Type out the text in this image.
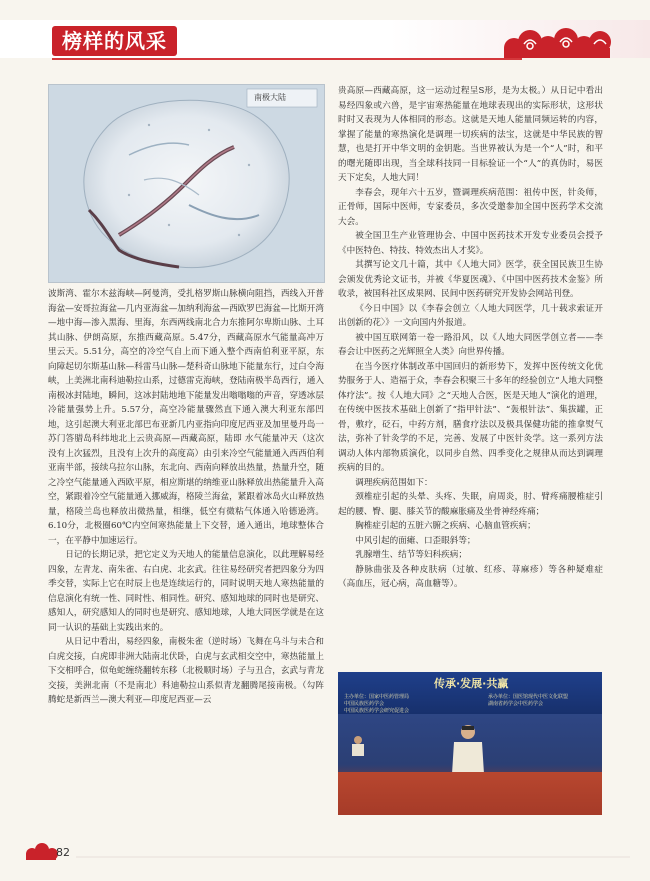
榜样的风采
南极大陆

波斯湾、霍尔木兹海峡—阿曼湾，受扎格罗斯山脉横向阻挡，西线入开普海盆—安哥拉海盆—几内亚海盆—加纳利海盆—西欧罗巴海盆—比斯开湾—地中海—渗入黑海、里海，东西两线南北合力东推阿尔卑斯山脉、土耳其山脉、伊朗高原，东推西藏高原。5.47分，西藏高原水气能量高冲万里云天。5.51分，高空的冷空气自上而下通入整个西南伯利亚平原，东向障起切尔斯基山脉—科雷马山脉—楚科奇山脉地下能量东行，过白令海峡，上美洲北南科迪勒拉山系，过德雷克海峡，登陆南极半岛西行，通入南极冰封陆地，瞬间，这冰封陆地地下能量发出嗡嗡嗡的声音，穿透冰层冷能量强势上升。5.57分，高空冷能量骤然直下通入澳大利亚东部凹地，这引起澳大利亚北部巴布亚新几内亚指向印度尼西亚及加里曼丹岛一苏门答腊岛科纬地北上云贵高原—西藏高原，陆即 水气能量冲天（这次没有上次猛烈，且没有上次升的高度高）由引来冷空气能量通入西西伯利亚南半部，接续乌拉尔山脉，东北向、西南向释放出热量，热量升空，随之冷空气能量通入西欧平原，相应斯堪的纳维亚山脉释放出热能量升入高空，紧跟着冷空气能量通入挪威海，格陵兰海盆，紧跟着冰岛火山释放热量，格陵兰岛也释放出微热量，相继，低空有微粘气体通入哈德逊湾。6.10分，北极圈60℃内空间寒热能量上下交替，通入通出，地球整体合一，在平静中加速运行。

日记的长期记录，把它定义为天地人的能量信息演化，以此理解易经四象，左青龙、南朱雀、右白虎、北玄武。往往易经研究者把四象分为四季交替，实际上它在时辰上也是连续运行的，同时说明天地人寒热能量的信息演化有统一性、同时性、相同性。研究、感知地球的同时也是研究、感知人，研究感知人的同时也是研究、感知地球，人地大同医学就是在这同一认识的基础上实践出来的。

从日记中看出，易经四象，南极朱雀（逆时场）飞舞在乌斗与未合和白虎交接，白虎即非洲大陆南北伏卧，白虎与玄武相交空中，寒热能量上下交相呼合，似龟蛇缠绕翻转东移（北极顺时场）子与丑合，玄武与青龙交接，美洲北南（不是南北）科迪勒拉山系似青龙翻腾尾接南极。（勾阵腾蛇是新西兰—澳大利亚—印度尼西亚—云

贵高原—西藏高原，这一运动过程呈S形，是为太极。）从日记中看出易经四象或六兽，是宇宙寒热能量在地球表现出的实际形状，这形状时时又表现为人体相同的形态。这就是天地人能量同频运转的内容，掌握了能量的寒热演化是调理一切疾病的法宝，这就是中华民族的智慧，也是打开中华文明的金钥匙。当世界被认为是一个“人”时，和平的曙光随即出现，当全球科技同一目标验证一个“人”的真伪时，易医天下定矣，人地大同！

李春会，现年六十五岁，暨调理疾病范围：祖传中医，针灸师，正骨师，国际中医师，专家委员，多次受邀参加全国中医药学术交流大会。

被全国卫生产业管理协会、中国中医药技术开发专业委员会授予《中医特色、特技、特效杰出人才奖》。

其撰写论文几十篇，其中《人地大同》医学，获全国民族卫生协会颁发优秀论文证书，并被《华夏医魂》、《中国中医药技术金鉴》所收录，被国科社区成果网、民间中医药研究开发协会网站刊登。

《今日中国》以《李春会创立〈人地大同医学，几十载求索证开出创新的花〉》一文向国内外报道。

被中国互联网第一卷一路沿风，以《人地大同医学创立者——李春会让中医药之光辉照全人类》向世界传播。

在当今医疗体制改革中国回归的新形势下，发挥中医传统文化优势服务于人、造福于众，李春会积聚三十多年的经验创立“人地大同整体疗法”。按《人地大同》之“天地人合医，医是天地人”演化的道理，在传统中医技术基础上创新了“指甲针法”、“轰根针法”、集拔罐，正骨，敷疗，砭石，中药方剂，膳食疗法以及极具保健功能的推拿熨气法，弥补了针灸学的不足，完善、发展了中医针灸学。这一系列方法调动人体内部物质演化，以同步自然、四季变化之规律从而达到调理疾病的目的。

调理疾病范围如下：

颈椎症引起的头晕、头疼、失眠，肩周炎，肘、臂疼痛腰椎症引起的腰、臀、腿、膝关节的酸麻胀痛及坐骨神经疼痛；

胸椎症引起的五脏六腑之疾病、心脑血管疾病；

中风引起的面瘫、口歪眼斜等；

乳腺增生、结节等妇科疾病；

静脉曲张及各种皮肤病（过敏、红疹、荨麻疹）等各种疑难症（高血压，冠心病，高血糖等）。

传承·发展·共赢
主办单位：国家中医药管理局
中国民族医药学会
中国民族医药学会研究促进会
承办单位：国医馆现代中医文化联盟
湖南省药学会中医药学会
82
